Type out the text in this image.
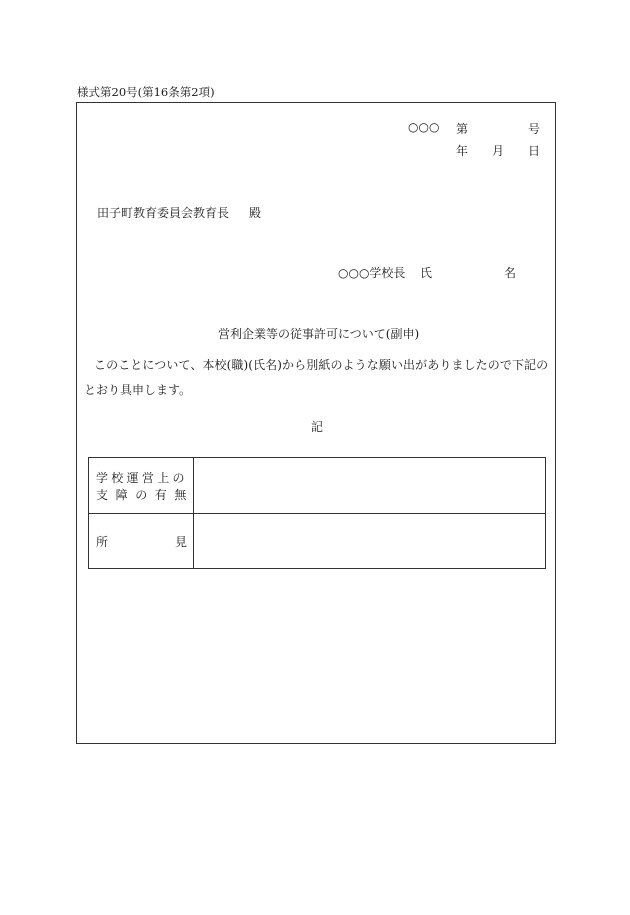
様式第20号(第16条第2項)
○○○ 第	号
年 月 日
田子町教育委員会教育長 殿
○○○学校長 氏	名
営利企業等の従事許可について(副申)
このことについて、本校(職)(氏名)から別紙のような願い出がありましたので下記の
とおり具申します。
記
学校運営上の
支障の有無
所	見
